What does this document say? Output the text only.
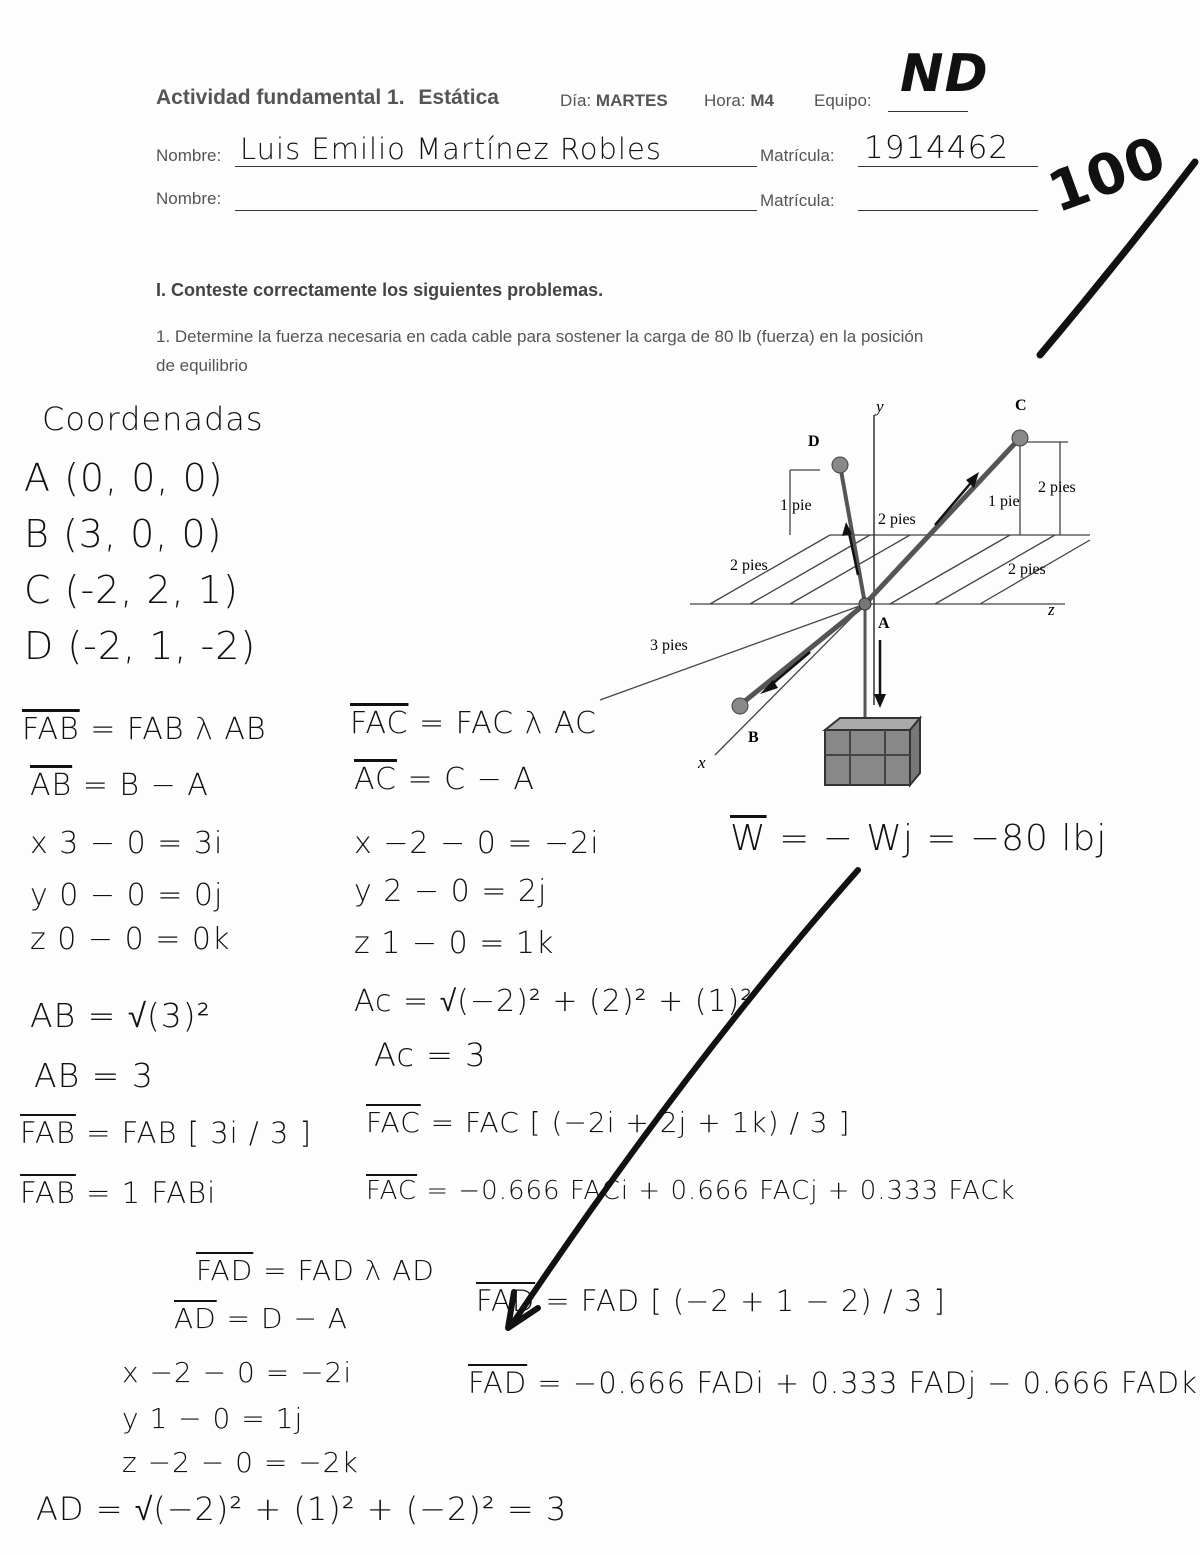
Actividad fundamental 1. Estática	Día: MARTES Hora: M4 Equipo: ND
Nombre: Luis Emilio Martínez Robles	Matrícula: 1914462
Nombre:	Matrícula:	100
I. Conteste correctamente los siguientes problemas.
1. Determine la fuerza necesaria en cada cable para sostener la carga de 80 lb (fuerza) en la posición
de equilibrio
y
z
x
A
B
C
D
1 pie
2 pies
1 pie
2 pies
2 pies	2 pies
3 pies
Coordenadas
A (0, 0, 0)
B (3, 0, 0)
C (-2, 2, 1)
D (-2, 1, -2)
$\overline{FAB}$ = FAB λ AB
$\overline{AB} = B - A$
x 3 − 0 = 3i
y 0 − 0 = 0j
z 0 − 0 = 0k
AB = √(3)²
AB = 3
$\overline{FAB}$ = FAB [ 3i / 3 ]
$\overline{FAB} = 1$ FABi
$\overline{FAC}$ = FAC λ AC
$\overline{AC} = C - A$
x −2 − 0 = −2i
y 2 − 0 = 2j
z 1 − 0 = 1k
Ac = √(−2)² + (2)² + (1)²
Ac = 3
$\overline{FAC}$ = FAC [ (−2i + 2j + 1k) / 3 ]
$\overline{FAC} = -0.666$ FACi + 0.666 FACj + 0.333 FACk
$\overline{W}$ = − Wj = −80 lbj
$\overline{FAD}$ = FAD λ AD
$\overline{AD} = D - A$
x −2 − 0 = −2i
y 1 − 0 = 1j
z −2 − 0 = −2k
AD = √(−2)² + (1)² + (−2)² = 3
$\overline{FAD}$ = FAD [ (−2 + 1 − 2) / 3 ]
$\overline{FAD} = -0.666$ FADi + 0.333 FADj − 0.666 FADk
